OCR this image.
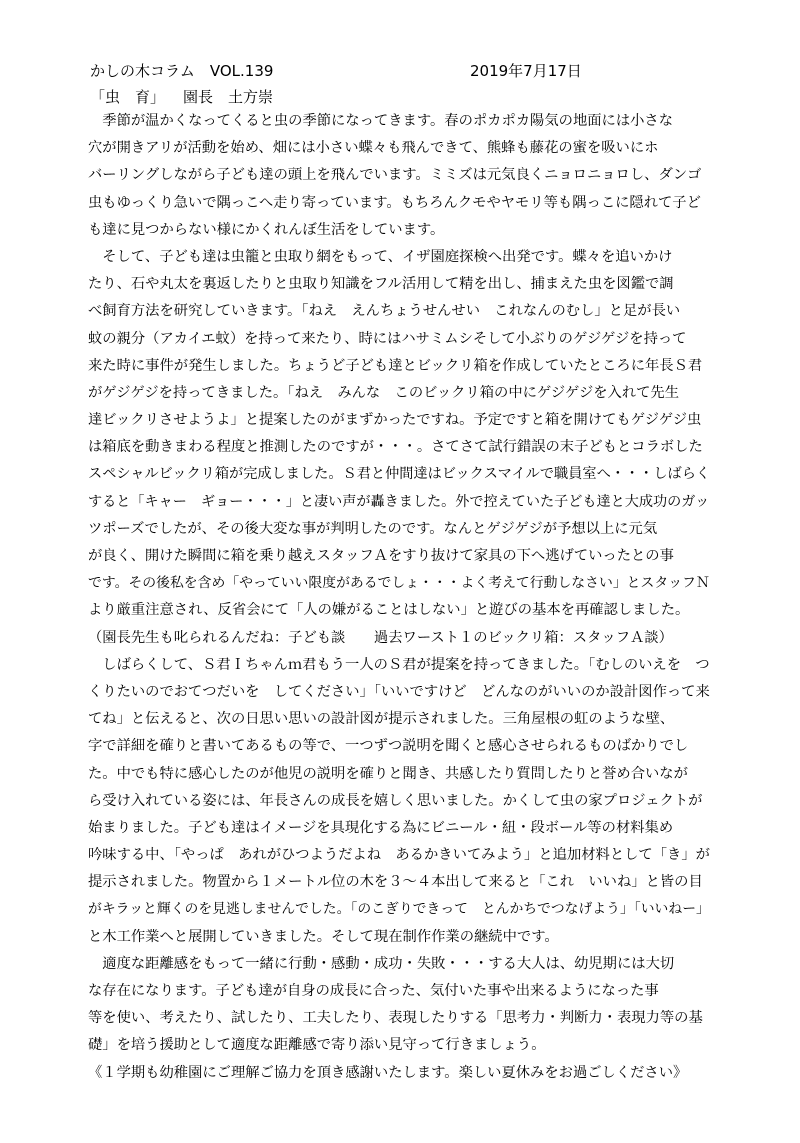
かしの木コラム　VOL.139	2019年7月17日
「虫　育」 園長　土方崇
　季節が温かくなってくると虫の季節になってきます。春のポカポカ陽気の地面には小さな
穴が開きアリが活動を始め、畑には小さい蝶々も飛んできて、熊蜂も藤花の蜜を吸いにホ
バーリングしながら子ども達の頭上を飛んでいます。ミミズは元気良くニョロニョロし、ダンゴ
虫もゆっくり急いで隅っこへ走り寄っています。もちろんクモやヤモリ等も隅っこに隠れて子ど
も達に見つからない様にかくれんぼ生活をしています。
　そして、子ども達は虫籠と虫取り網をもって、イザ園庭探検へ出発です。蝶々を追いかけ
たり、石や丸太を裏返したりと虫取り知識をフル活用して精を出し、捕まえた虫を図鑑で調
べ飼育方法を研究していきます。「ねえ　えんちょうせんせい　これなんのむし」と足が長い
蚊の親分（アカイエ蚊）を持って来たり、時にはハサミムシそして小ぶりのゲジゲジを持って
来た時に事件が発生しました。ちょうど子ども達とビックリ箱を作成していたところに年長Ｓ君
がゲジゲジを持ってきました。「ねえ　みんな　このビックリ箱の中にゲジゲジを入れて先生
達ビックリさせようよ」と提案したのがまずかったですね。予定ですと箱を開けてもゲジゲジ虫
は箱底を動きまわる程度と推測したのですが・・・。さてさて試行錯誤の末子どもとコラボした
スペシャルビックリ箱が完成しました。Ｓ君と仲間達はビックスマイルで職員室へ・・・しばらく
すると「キャー　ギョー・・・」と凄い声が轟きました。外で控えていた子ども達と大成功のガッ
ツポーズでしたが、その後大変な事が判明したのです。なんとゲジゲジが予想以上に元気
が良く、開けた瞬間に箱を乗り越えスタッフＡをすり抜けて家具の下へ逃げていったとの事
です。その後私を含め「やっていい限度があるでしょ・・・よく考えて行動しなさい」とスタッフＮ
より厳重注意され、反省会にて「人の嫌がることはしない」と遊びの基本を再確認しました。
（園長先生も叱られるんだね：子ども談　　過去ワースト１のビックリ箱：スタッフＡ談）
　しばらくして、Ｓ君Ｉちゃんｍ君もう一人のＳ君が提案を持ってきました。「むしのいえを　つ
くりたいのでおてつだいを　してください」「いいですけど　どんなのがいいのか設計図作って来
てね」と伝えると、次の日思い思いの設計図が提示されました。三角屋根の虹のような壁、
字で詳細を確りと書いてあるもの等で、一つずつ説明を聞くと感心させられるものばかりでし
た。中でも特に感心したのが他児の説明を確りと聞き、共感したり質問したりと誉め合いなが
ら受け入れている姿には、年長さんの成長を嬉しく思いました。かくして虫の家プロジェクトが
始まりました。子ども達はイメージを具現化する為にビニール・紐・段ボール等の材料集め
吟味する中、「やっぱ　あれがひつようだよね　あるかきいてみよう」と追加材料として「き」が
提示されました。物置から１メートル位の木を３〜４本出して来ると「これ　いいね」と皆の目
がキラッと輝くのを見逃しませんでした。「のこぎりできって　とんかちでつなげよう」「いいねー」
と木工作業へと展開していきました。そして現在制作作業の継続中です。
　適度な距離感をもって一緒に行動・感動・成功・失敗・・・する大人は、幼児期には大切
な存在になります。子ども達が自身の成長に合った、気付いた事や出来るようになった事
等を使い、考えたり、試したり、工夫したり、表現したりする「思考力・判断力・表現力等の基
礎」を培う援助として適度な距離感で寄り添い見守って行きましょう。
《１学期も幼稚園にご理解ご協力を頂き感謝いたします。楽しい夏休みをお過ごしください》
